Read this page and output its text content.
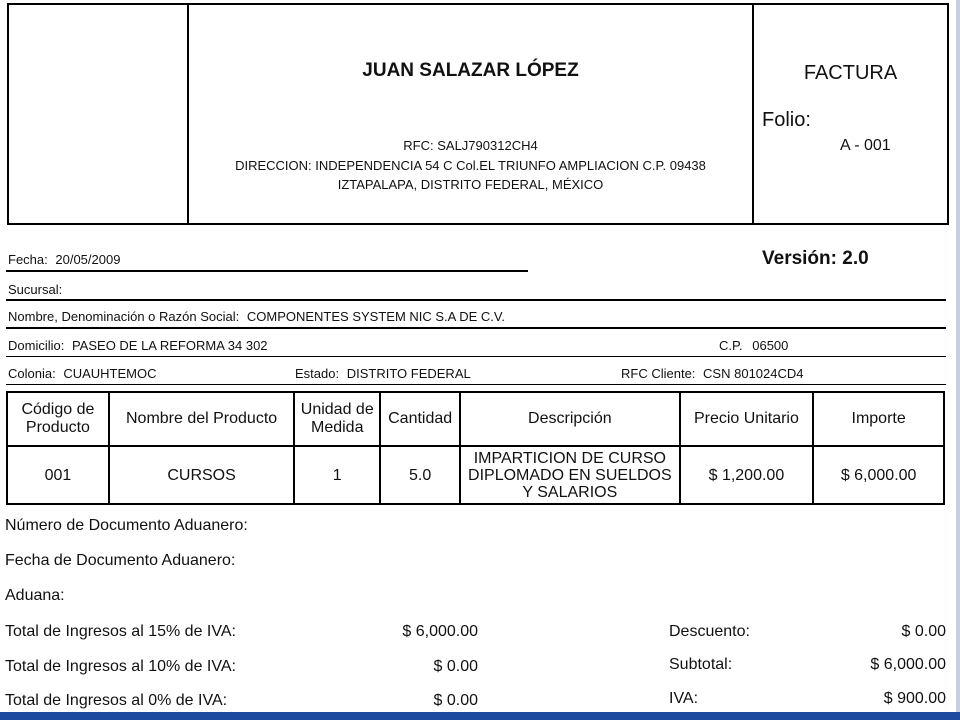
JUAN SALAZAR LÓPEZ
RFC: SALJ790312CH4
DIRECCION: INDEPENDENCIA 54 C Col.EL TRIUNFO AMPLIACION C.P. 09438
IZTAPALAPA, DISTRITO FEDERAL, MÉXICO
FACTURA
Folio:
A - 001
Fecha: 20/05/2009	Versión: 2.0
Sucursal:
Nombre, Denominación o Razón Social: COMPONENTES SYSTEM NIC S.A DE C.V.
Domicilio: PASEO DE LA REFORMA 34 302	C.P. 06500
Colonia: CUAUHTEMOC	Estado: DISTRITO FEDERAL	RFC Cliente: CSN 801024CD4
Código de Producto	Nombre del Producto	Unidad de Medida	Cantidad	Descripción	Precio Unitario	Importe
001	CURSOS	1	5.0	IMPARTICION DE CURSO DIPLOMADO EN SUELDOS Y SALARIOS	$ 1,200.00	$ 6,000.00
Número de Documento Aduanero:
Fecha de Documento Aduanero:
Aduana:
Total de Ingresos al 15% de IVA:	$ 6,000.00
Total de Ingresos al 10% de IVA:	$ 0.00
Total de Ingresos al 0% de IVA:	$ 0.00
Descuento:	$ 0.00
Subtotal:	$ 6,000.00
IVA:	$ 900.00
